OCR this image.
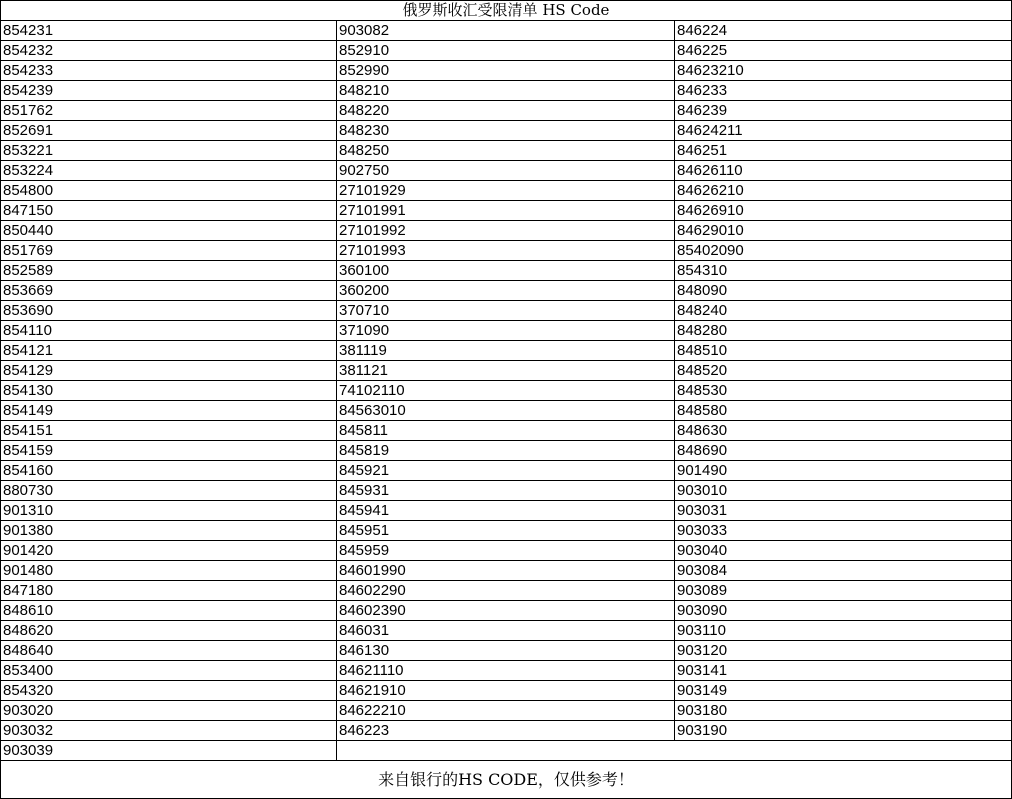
俄罗斯收汇受限清单 HS Code		
854231	903082	846224
854232	852910	846225
854233	852990	84623210
854239	848210	846233
851762	848220	846239
852691	848230	84624211
853221	848250	846251
853224	902750	84626110
854800	27101929	84626210
847150	27101991	84626910
850440	27101992	84629010
851769	27101993	85402090
852589	360100	854310
853669	360200	848090
853690	370710	848240
854110	371090	848280
854121	381119	848510
854129	381121	848520
854130	74102110	848530
854149	84563010	848580
854151	845811	848630
854159	845819	848690
854160	845921	901490
880730	845931	903010
901310	845941	903031
901380	845951	903033
901420	845959	903040
901480	84601990	903084
847180	84602290	903089
848610	84602390	903090
848620	846031	903110
848640	846130	903120
853400	84621110	903141
854320	84621910	903149
903020	84622210	903180
903032	846223	903190
903039		
来自银行的HS CODE，仅供参考！		
